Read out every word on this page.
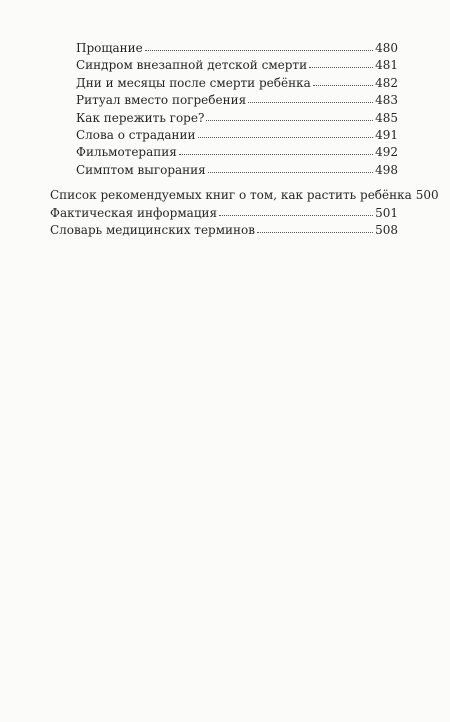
Прощание	480
Синдром внезапной детской смерти	481
Дни и месяцы после смерти ребёнка	482
Ритуал вместо погребения	483
Как пережить горе?	485
Слова о страдании	491
Фильмотерапия	492
Симптом выгорания	498
Список рекомендуемых книг о том, как растить ребёнка 500
Фактическая информация	501
Словарь медицинских терминов	508
